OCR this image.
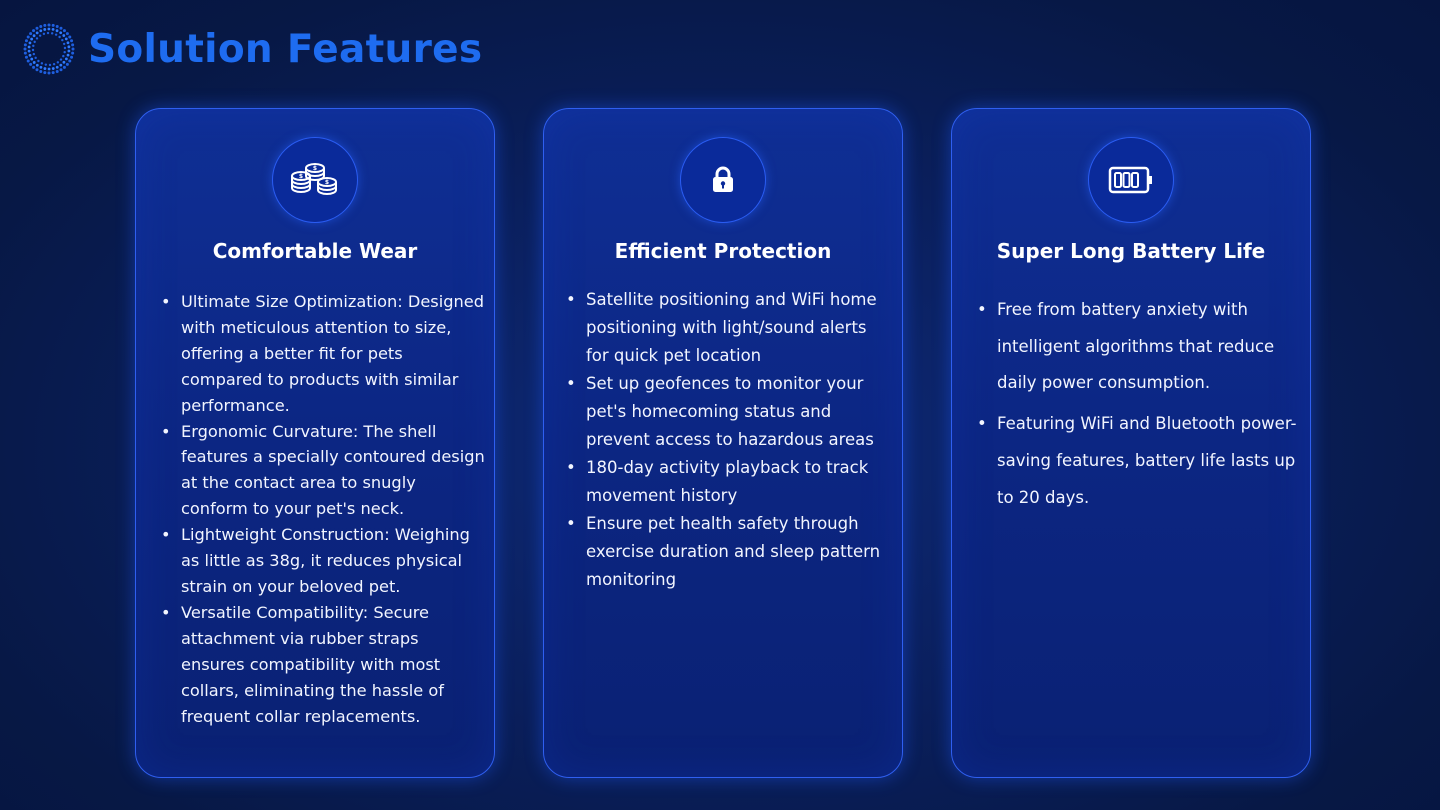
Solution Features
$
$
$
Comfortable Wear
• Ultimate Size Optimization: Designed with meticulous attention to size, offering a better fit for pets compared to products with similar performance.
• Ergonomic Curvature: The shell features a specially contoured design at the contact area to snugly conform to your pet's neck.
• Lightweight Construction: Weighing as little as 38g, it reduces physical strain on your beloved pet.
• Versatile Compatibility: Secure attachment via rubber straps ensures compatibility with most collars, eliminating the hassle of frequent collar replacements.
Efficient Protection
• Satellite positioning and WiFi home positioning with light/sound alerts for quick pet location
• Set up geofences to monitor your pet's homecoming status and prevent access to hazardous areas
• 180-day activity playback to track movement history
• Ensure pet health safety through exercise duration and sleep pattern monitoring
Super Long Battery Life
• Free from battery anxiety with intelligent algorithms that reduce daily power consumption.
• Featuring WiFi and Bluetooth power-saving features, battery life lasts up to 20 days.
